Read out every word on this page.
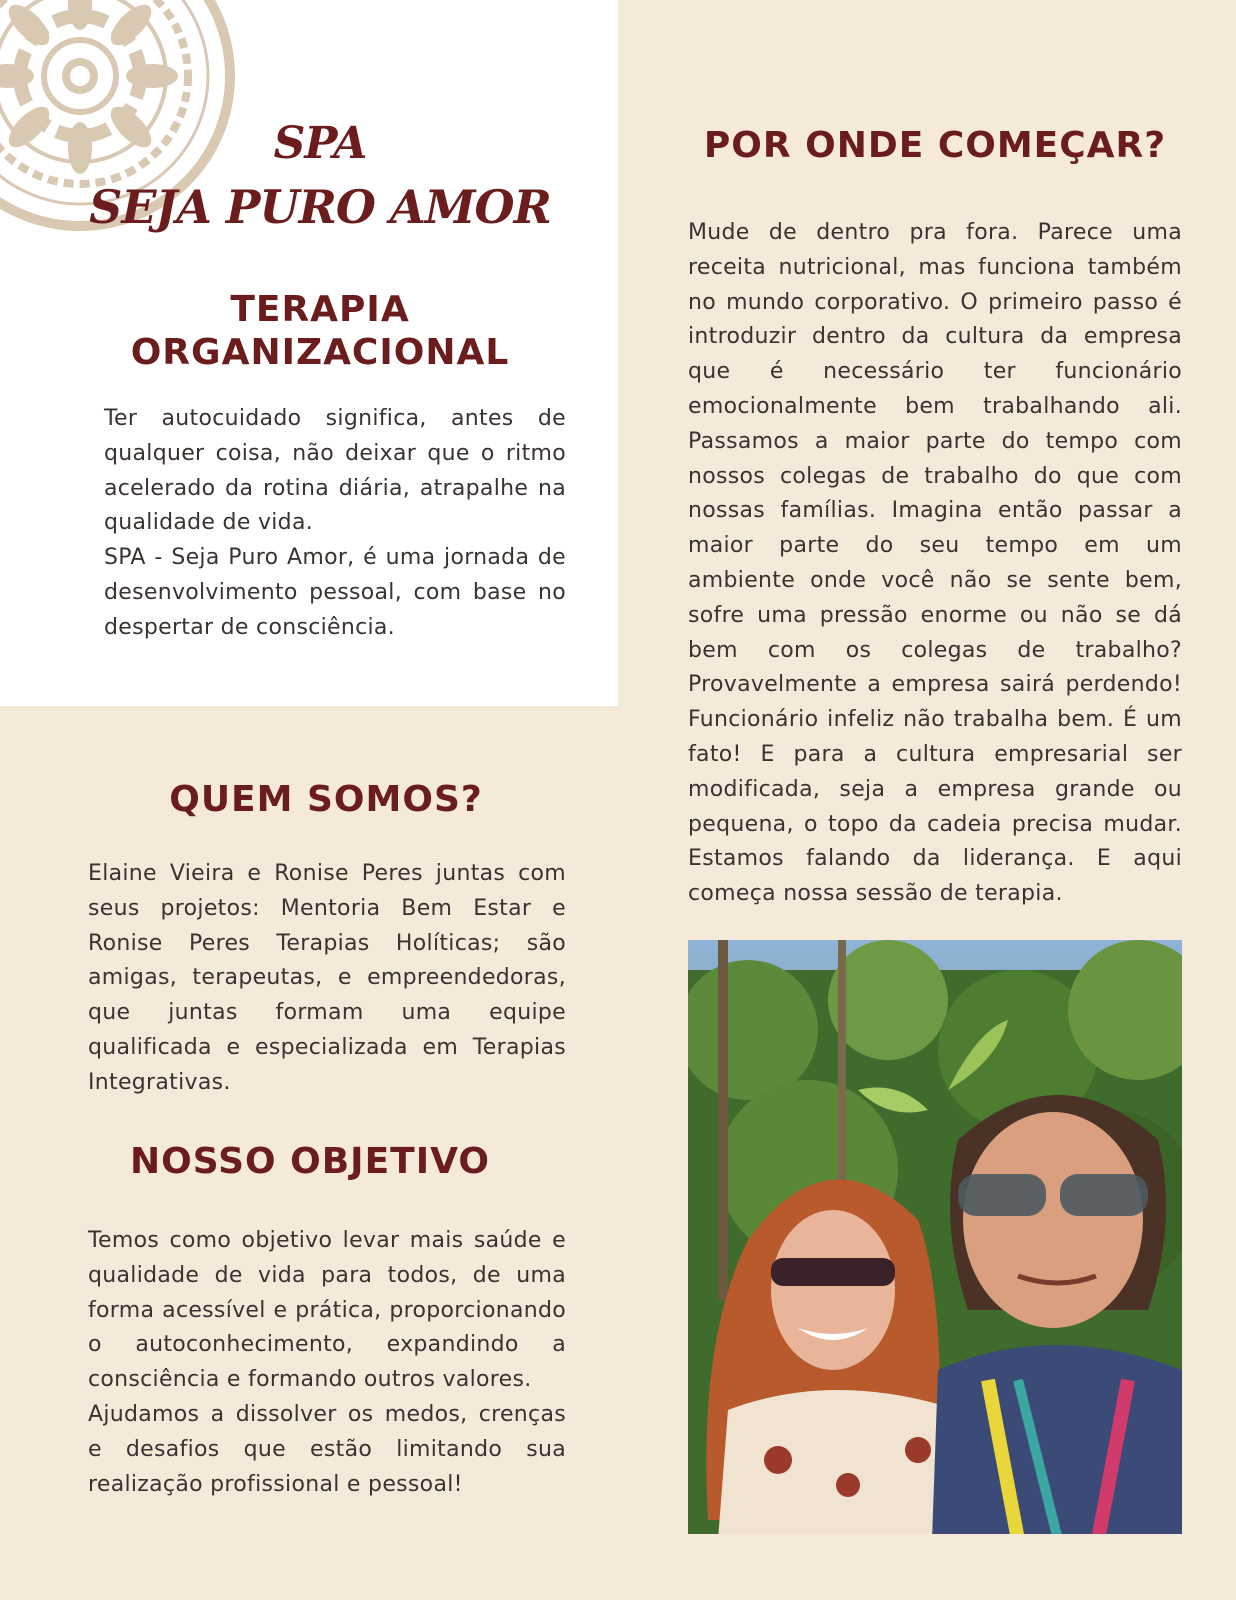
SPA
SEJA PURO AMOR
TERAPIA
ORGANIZACIONAL

Ter autocuidado significa, antes de qualquer coisa, não deixar que o ritmo acelerado da rotina diária, atrapalhe na qualidade de vida.

SPA - Seja Puro Amor, é uma jornada de desenvolvimento pessoal, com base no despertar de consciência.

QUEM SOMOS?

Elaine Vieira e Ronise Peres juntas com seus projetos: Mentoria Bem Estar e Ronise Peres Terapias Holíticas; são amigas, terapeutas, e empreendedoras, que juntas formam uma equipe qualificada e especializada em Terapias Integrativas.

NOSSO OBJETIVO

Temos como objetivo levar mais saúde e qualidade de vida para todos, de uma forma acessível e prática, proporcionando o autoconhecimento, expandindo a consciência e formando outros valores.

Ajudamos a dissolver os medos, crenças e desafios que estão limitando sua realização profissional e pessoal!

POR ONDE COMEÇAR?

Mude de dentro pra fora. Parece uma receita nutricional, mas funciona também no mundo corporativo. O primeiro passo é introduzir dentro da cultura da empresa que é necessário ter funcionário emocionalmente bem trabalhando ali. Passamos a maior parte do tempo com nossos colegas de trabalho do que com nossas famílias. Imagina então passar a maior parte do seu tempo em um ambiente onde você não se sente bem, sofre uma pressão enorme ou não se dá bem com os colegas de trabalho? Provavelmente a empresa sairá perdendo! Funcionário infeliz não trabalha bem. É um fato! E para a cultura empresarial ser modificada, seja a empresa grande ou pequena, o topo da cadeia precisa mudar. Estamos falando da liderança. E aqui começa nossa sessão de terapia.
